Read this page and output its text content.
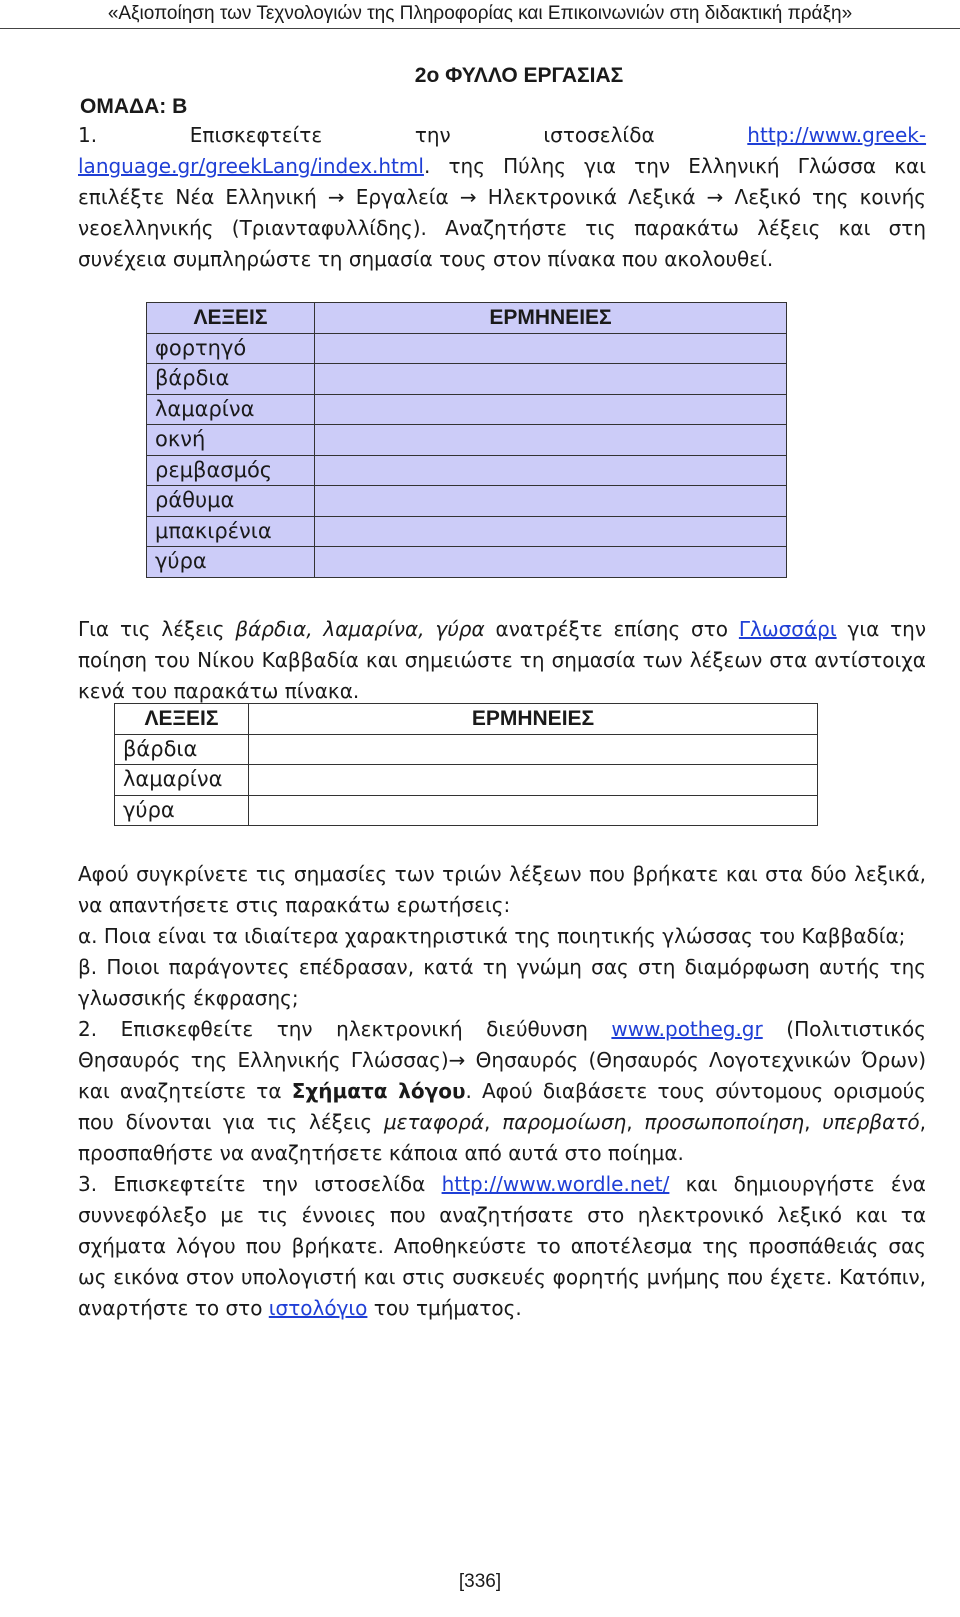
«Αξιοποίηση των Τεχνολογιών της Πληροφορίας και Επικοινωνιών στη διδακτική πράξη»
2ο ΦΥΛΛΟ ΕΡΓΑΣΙΑΣ
ΟΜΑΔΑ: Β

1.	Επισκεφτείτε	την	ιστοσελίδα	http://www.greek-

language.gr/greekLang/index.html. της Πύλης για την Ελληνική Γλώσσα και επιλέξτε Νέα Ελληνική → Εργαλεία → Ηλεκτρονικά Λεξικά → Λεξικό της κοινής νεοελληνικής (Τριανταφυλλίδης). Αναζητήστε τις παρακάτω λέξεις και στη συνέχεια συμπληρώστε τη σημασία τους στον πίνακα που ακολουθεί.

ΛΕΞΕΙΣ	ΕΡΜΗΝΕΙΕΣ
φορτηγό	
βάρδια	
λαμαρίνα	
οκνή	
ρεμβασμός	
ράθυμα	
μπακιρένια	
γύρα	

Για τις λέξεις βάρδια, λαμαρίνα, γύρα ανατρέξτε επίσης στο Γλωσσάρι για την ποίηση του Νίκου Καββαδία και σημειώστε τη σημασία των λέξεων στα αντίστοιχα κενά του παρακάτω πίνακα.

ΛΕΞΕΙΣ	ΕΡΜΗΝΕΙΕΣ
βάρδια	
λαμαρίνα	
γύρα	

Αφού συγκρίνετε τις σημασίες των τριών λέξεων που βρήκατε και στα δύο λεξικά, να απαντήσετε στις παρακάτω ερωτήσεις:

α. Ποια είναι τα ιδιαίτερα χαρακτηριστικά της ποιητικής γλώσσας του Καββαδία;

β. Ποιοι παράγοντες επέδρασαν, κατά τη γνώμη σας στη διαμόρφωση αυτής της γλωσσικής έκφρασης;

2. Επισκεφθείτε την ηλεκτρονική διεύθυνση www.potheg.gr (Πολιτιστικός Θησαυρός της Ελληνικής Γλώσσας)→ Θησαυρός (Θησαυρός Λογοτεχνικών Όρων) και αναζητείστε τα Σχήματα λόγου. Αφού διαβάσετε τους σύντομους ορισμούς που δίνονται για τις λέξεις μεταφορά, παρομοίωση, προσωποποίηση, υπερβατό, προσπαθήστε να αναζητήσετε κάποια από αυτά στο ποίημα.

3. Επισκεφτείτε την ιστοσελίδα http://www.wordle.net/ και δημιουργήστε ένα συννεφόλεξο με τις έννοιες που αναζητήσατε στο ηλεκτρονικό λεξικό και τα σχήματα λόγου που βρήκατε. Αποθηκεύστε το αποτέλεσμα της προσπάθειάς σας ως εικόνα στον υπολογιστή και στις συσκευές φορητής μνήμης που έχετε. Κατόπιν, αναρτήστε το στο ιστολόγιο του τμήματος.

[336]
